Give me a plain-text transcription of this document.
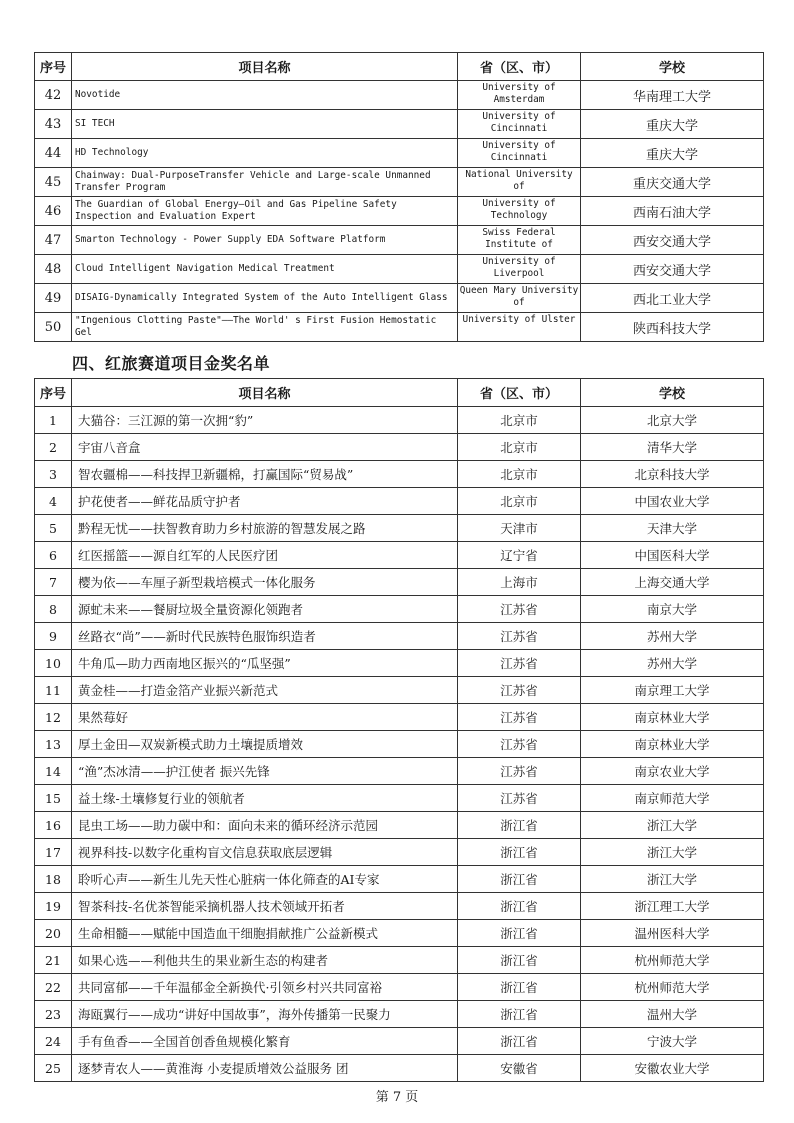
序号	项目名称	省（区、市）	学校
42	Novotide	University of Amsterdam	华南理工大学
43	SI TECH	University of Cincinnati	重庆大学
44	HD Technology	University of Cincinnati	重庆大学
45	Chainway: Dual-PurposeTransfer Vehicle and Large-scale Unmanned Transfer Program	National University of	重庆交通大学
46	The Guardian of Global Energy—Oil and Gas Pipeline Safety Inspection and Evaluation Expert	University of Technology	西南石油大学
47	Smarton Technology - Power Supply EDA Software Platform	Swiss Federal Institute of	西安交通大学
48	Cloud Intelligent Navigation Medical Treatment	University of Liverpool	西安交通大学
49	DISAIG-Dynamically Integrated System of the Auto Intelligent Glass	Queen Mary University of	西北工业大学
50	"Ingenious Clotting Paste"——The World' s First Fusion Hemostatic Gel	University of Ulster	陕西科技大学
四、红旅赛道项目金奖名单
序号	项目名称	省（区、市）	学校
1	大猫谷：三江源的第一次拥“豹”	北京市	北京大学
2	宇宙八音盒	北京市	清华大学
3	智农疆棉——科技捍卫新疆棉，打赢国际“贸易战”	北京市	北京科技大学
4	护花使者——鲜花品质守护者	北京市	中国农业大学
5	黔程无忧——扶智教育助力乡村旅游的智慧发展之路	天津市	天津大学
6	红医摇篮——源自红军的人民医疗团	辽宁省	中国医科大学
7	樱为依——车厘子新型栽培模式一体化服务	上海市	上海交通大学
8	源虻未来——餐厨垃圾全量资源化领跑者	江苏省	南京大学
9	丝路衣“尚”——新时代民族特色服饰织造者	江苏省	苏州大学
10	牛角瓜—助力西南地区振兴的“瓜坚强”	江苏省	苏州大学
11	黄金桂——打造金箔产业振兴新范式	江苏省	南京理工大学
12	果然莓好	江苏省	南京林业大学
13	厚土金田—双炭新模式助力土壤提质增效	江苏省	南京林业大学
14	“渔”杰冰清——护江使者 振兴先锋	江苏省	南京农业大学
15	益土缘-土壤修复行业的领航者	江苏省	南京师范大学
16	昆虫工场——助力碳中和：面向未来的循环经济示范园	浙江省	浙江大学
17	视界科技-以数字化重构盲文信息获取底层逻辑	浙江省	浙江大学
18	聆听心声——新生儿先天性心脏病一体化筛查的AI专家	浙江省	浙江大学
19	智茶科技-名优茶智能采摘机器人技术领域开拓者	浙江省	浙江理工大学
20	生命相髓——赋能中国造血干细胞捐献推广公益新模式	浙江省	温州医科大学
21	如果心选——利他共生的果业新生态的构建者	浙江省	杭州师范大学
22	共同富郁——千年温郁金全新换代·引领乡村兴共同富裕	浙江省	杭州师范大学
23	海瓯翼行——成功“讲好中国故事”，海外传播第一民聚力	浙江省	温州大学
24	手有鱼香——全国首创香鱼规模化繁育	浙江省	宁波大学
25	逐梦青农人——黄淮海 小麦提质增效公益服务 团	安徽省	安徽农业大学
第 7 页
